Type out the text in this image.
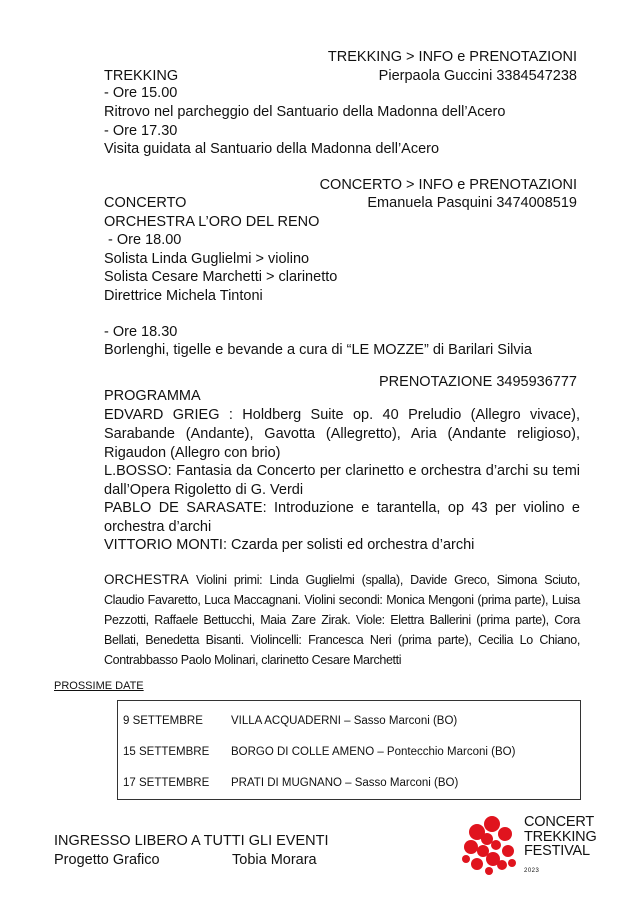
TREKKING > INFO e PRENOTAZIONI
Pierpaola Guccini 3384547238
TREKKING
- Ore 15.00
Ritrovo nel parcheggio del Santuario della Madonna dell’Acero
- Ore 17.30
Visita guidata al Santuario della Madonna dell’Acero
CONCERTO > INFO e PRENOTAZIONI
Emanuela Pasquini 3474008519
CONCERTO
ORCHESTRA L’ORO DEL RENO
- Ore 18.00
Solista Linda Guglielmi > violino
Solista Cesare Marchetti > clarinetto
Direttrice Michela Tintoni
- Ore 18.30
Borlenghi, tigelle e bevande a cura di “LE MOZZE” di Barilari Silvia
PRENOTAZIONE 3495936777
PROGRAMMA
EDVARD GRIEG : Holdberg Suite op. 40 Preludio (Allegro vivace), Sarabande (Andante), Gavotta (Allegretto), Aria (Andante religioso), Rigaudon (Allegro con brio)
L.BOSSO: Fantasia da Concerto per clarinetto e orchestra d’archi su temi dall’Opera Rigoletto di G. Verdi
PABLO DE SARASATE: Introduzione e tarantella, op 43 per violino e orchestra d’archi
VITTORIO MONTI: Czarda per solisti ed orchestra d’archi
ORCHESTRA Violini primi: Linda Guglielmi (spalla), Davide Greco, Simona Sciuto, Claudio Favaretto, Luca Maccagnani. Violini secondi: Monica Mengoni (prima parte), Luisa Pezzotti, Raffaele Bettucchi, Maia Zare Zirak. Viole: Elettra Ballerini (prima parte), Cora Bellati, Benedetta Bisanti. Violincelli: Francesca Neri (prima parte), Cecilia Lo Chiano, Contrabbasso Paolo Molinari, clarinetto Cesare Marchetti
PROSSIME DATE
9 SETTEMBRE VILLA ACQUADERNI – Sasso Marconi (BO)
15 SETTEMBRE BORGO DI COLLE AMENO – Pontecchio Marconi (BO)
17 SETTEMBRE PRATI DI MUGNANO – Sasso Marconi (BO)
INGRESSO LIBERO A TUTTI GLI EVENTI
Progetto Grafico	Tobia Morara
CONCERT
TREKKING
FESTIVAL
2023
